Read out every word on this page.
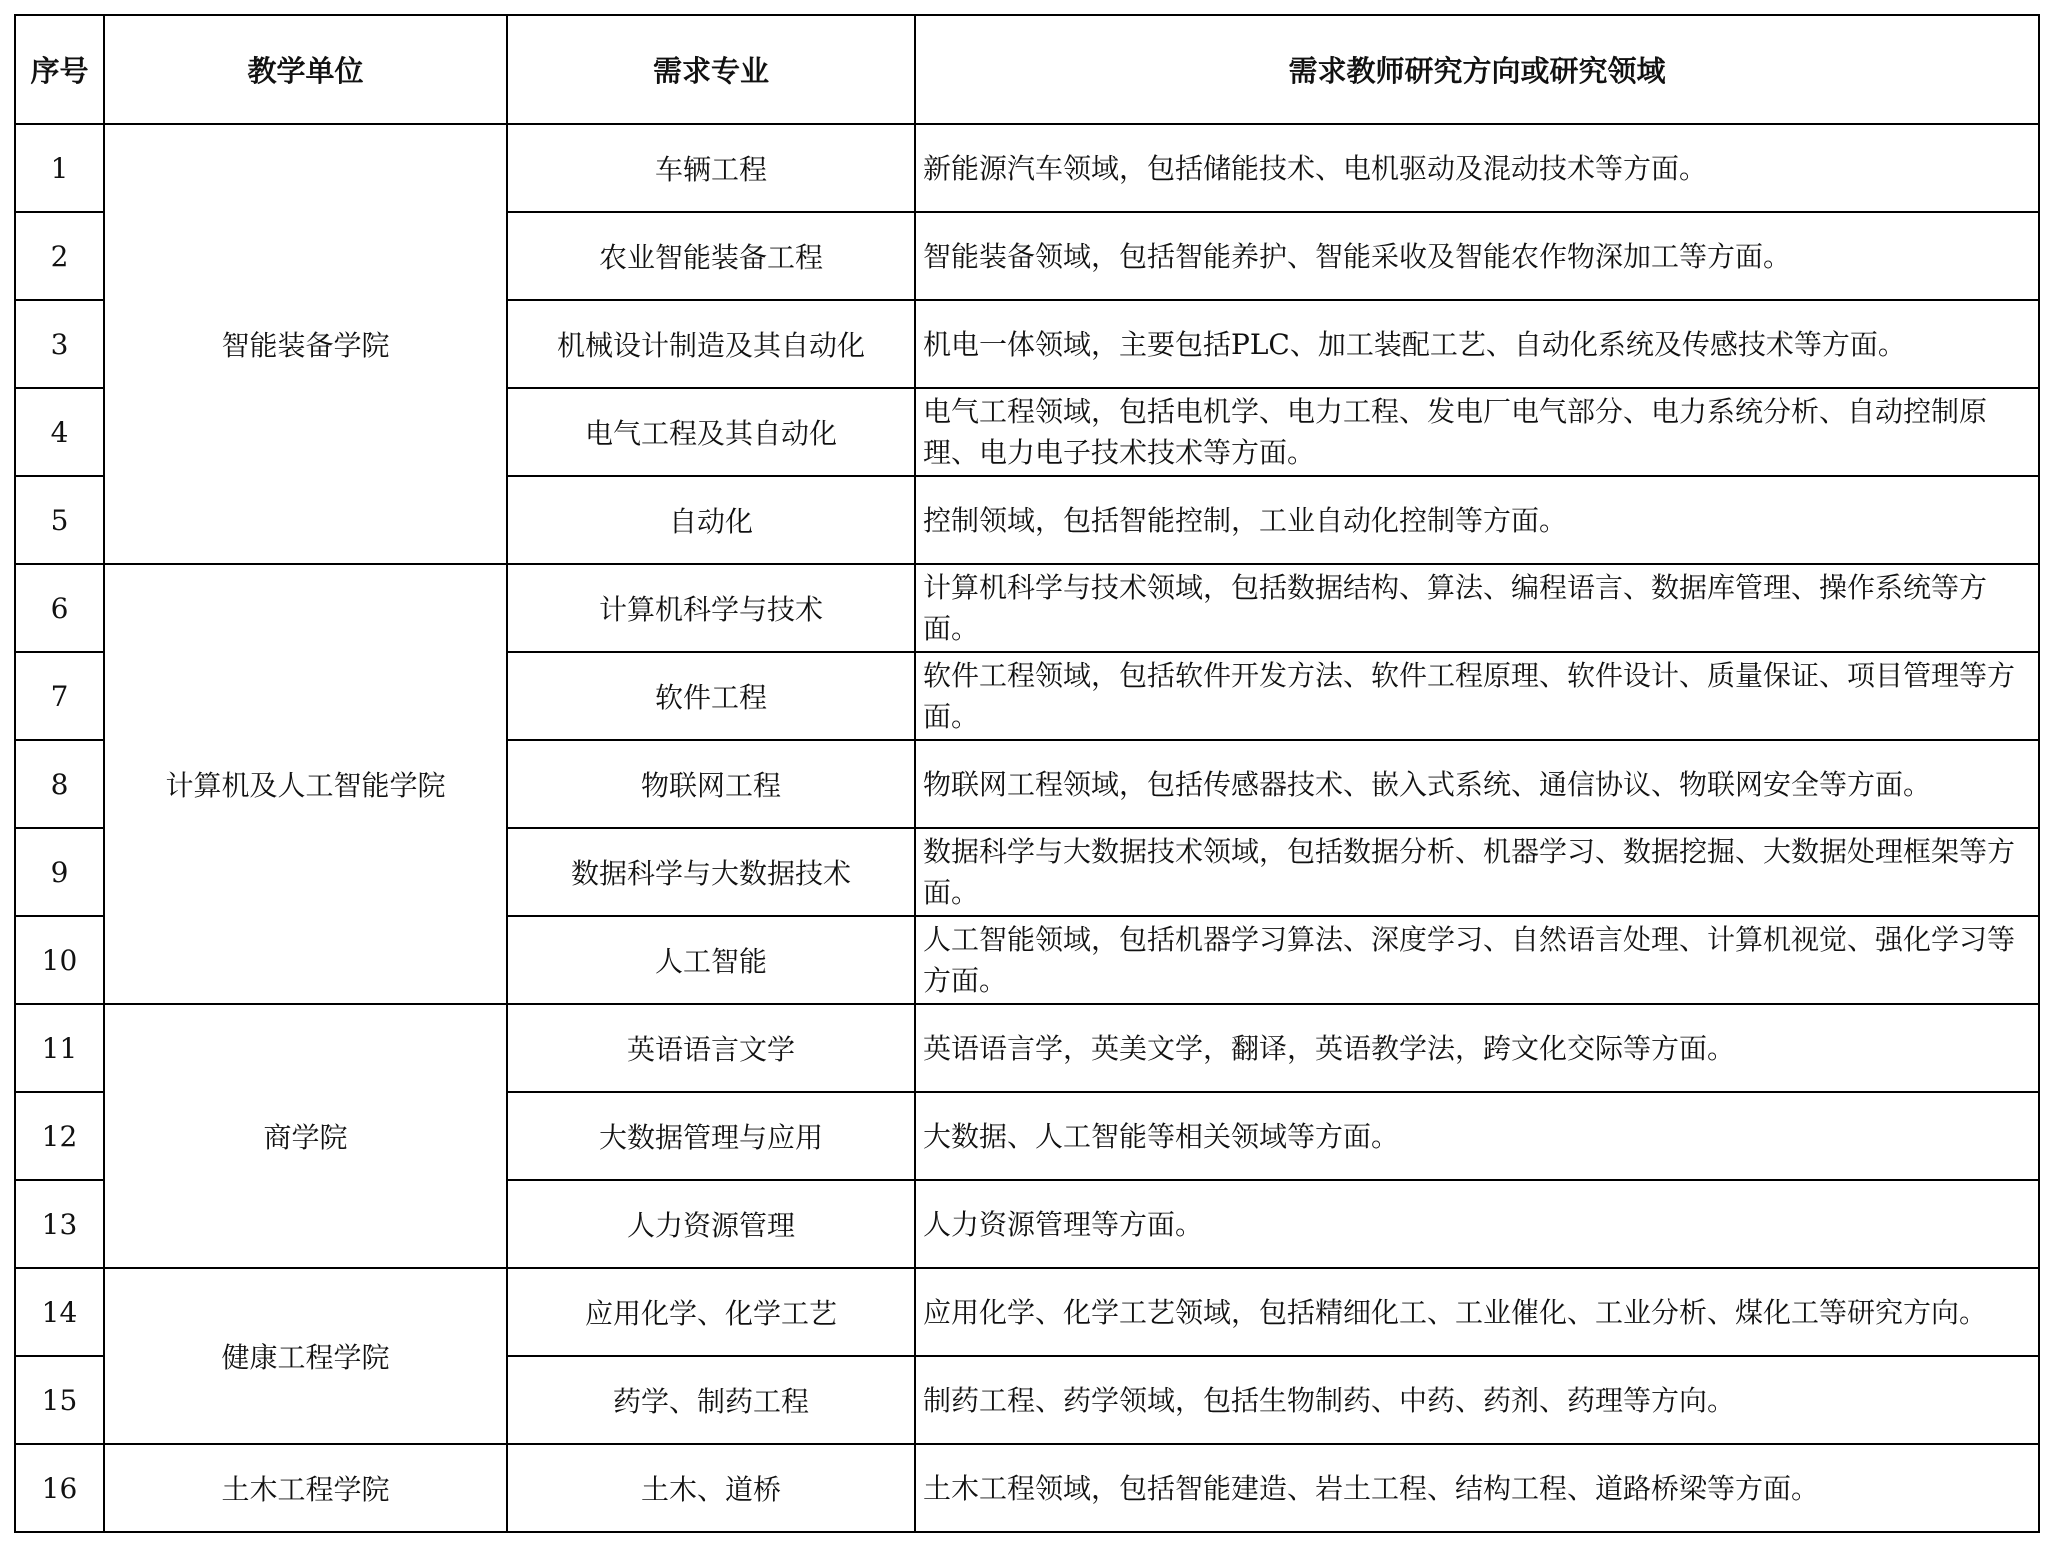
序号	教学单位	需求专业	需求教师研究方向或研究领域
1	智能装备学院	车辆工程	新能源汽车领域，包括储能技术、电机驱动及混动技术等方面。
2		农业智能装备工程	智能装备领域，包括智能养护、智能采收及智能农作物深加工等方面。
3		机械设计制造及其自动化	机电一体领域，主要包括PLC、加工装配工艺、自动化系统及传感技术等方面。
4		电气工程及其自动化	电气工程领域，包括电机学、电力工程、发电厂电气部分、电力系统分析、自动控制原理、电力电子技术技术等方面。
5		自动化	控制领域，包括智能控制，工业自动化控制等方面。
6	计算机及人工智能学院	计算机科学与技术	计算机科学与技术领域，包括数据结构、算法、编程语言、数据库管理、操作系统等方面。
7		软件工程	软件工程领域，包括软件开发方法、软件工程原理、软件设计、质量保证、项目管理等方面。
8		物联网工程	物联网工程领域，包括传感器技术、嵌入式系统、通信协议、物联网安全等方面。
9		数据科学与大数据技术	数据科学与大数据技术领域，包括数据分析、机器学习、数据挖掘、大数据处理框架等方面。
10		人工智能	人工智能领域，包括机器学习算法、深度学习、自然语言处理、计算机视觉、强化学习等方面。
11	商学院	英语语言文学	英语语言学，英美文学，翻译，英语教学法，跨文化交际等方面。
12		大数据管理与应用	大数据、人工智能等相关领域等方面。
13		人力资源管理	人力资源管理等方面。
14	健康工程学院	应用化学、化学工艺	应用化学、化学工艺领域，包括精细化工、工业催化、工业分析、煤化工等研究方向。
15		药学、制药工程	制药工程、药学领域，包括生物制药、中药、药剂、药理等方向。
16	土木工程学院	土木、道桥	土木工程领域，包括智能建造、岩土工程、结构工程、道路桥梁等方面。
